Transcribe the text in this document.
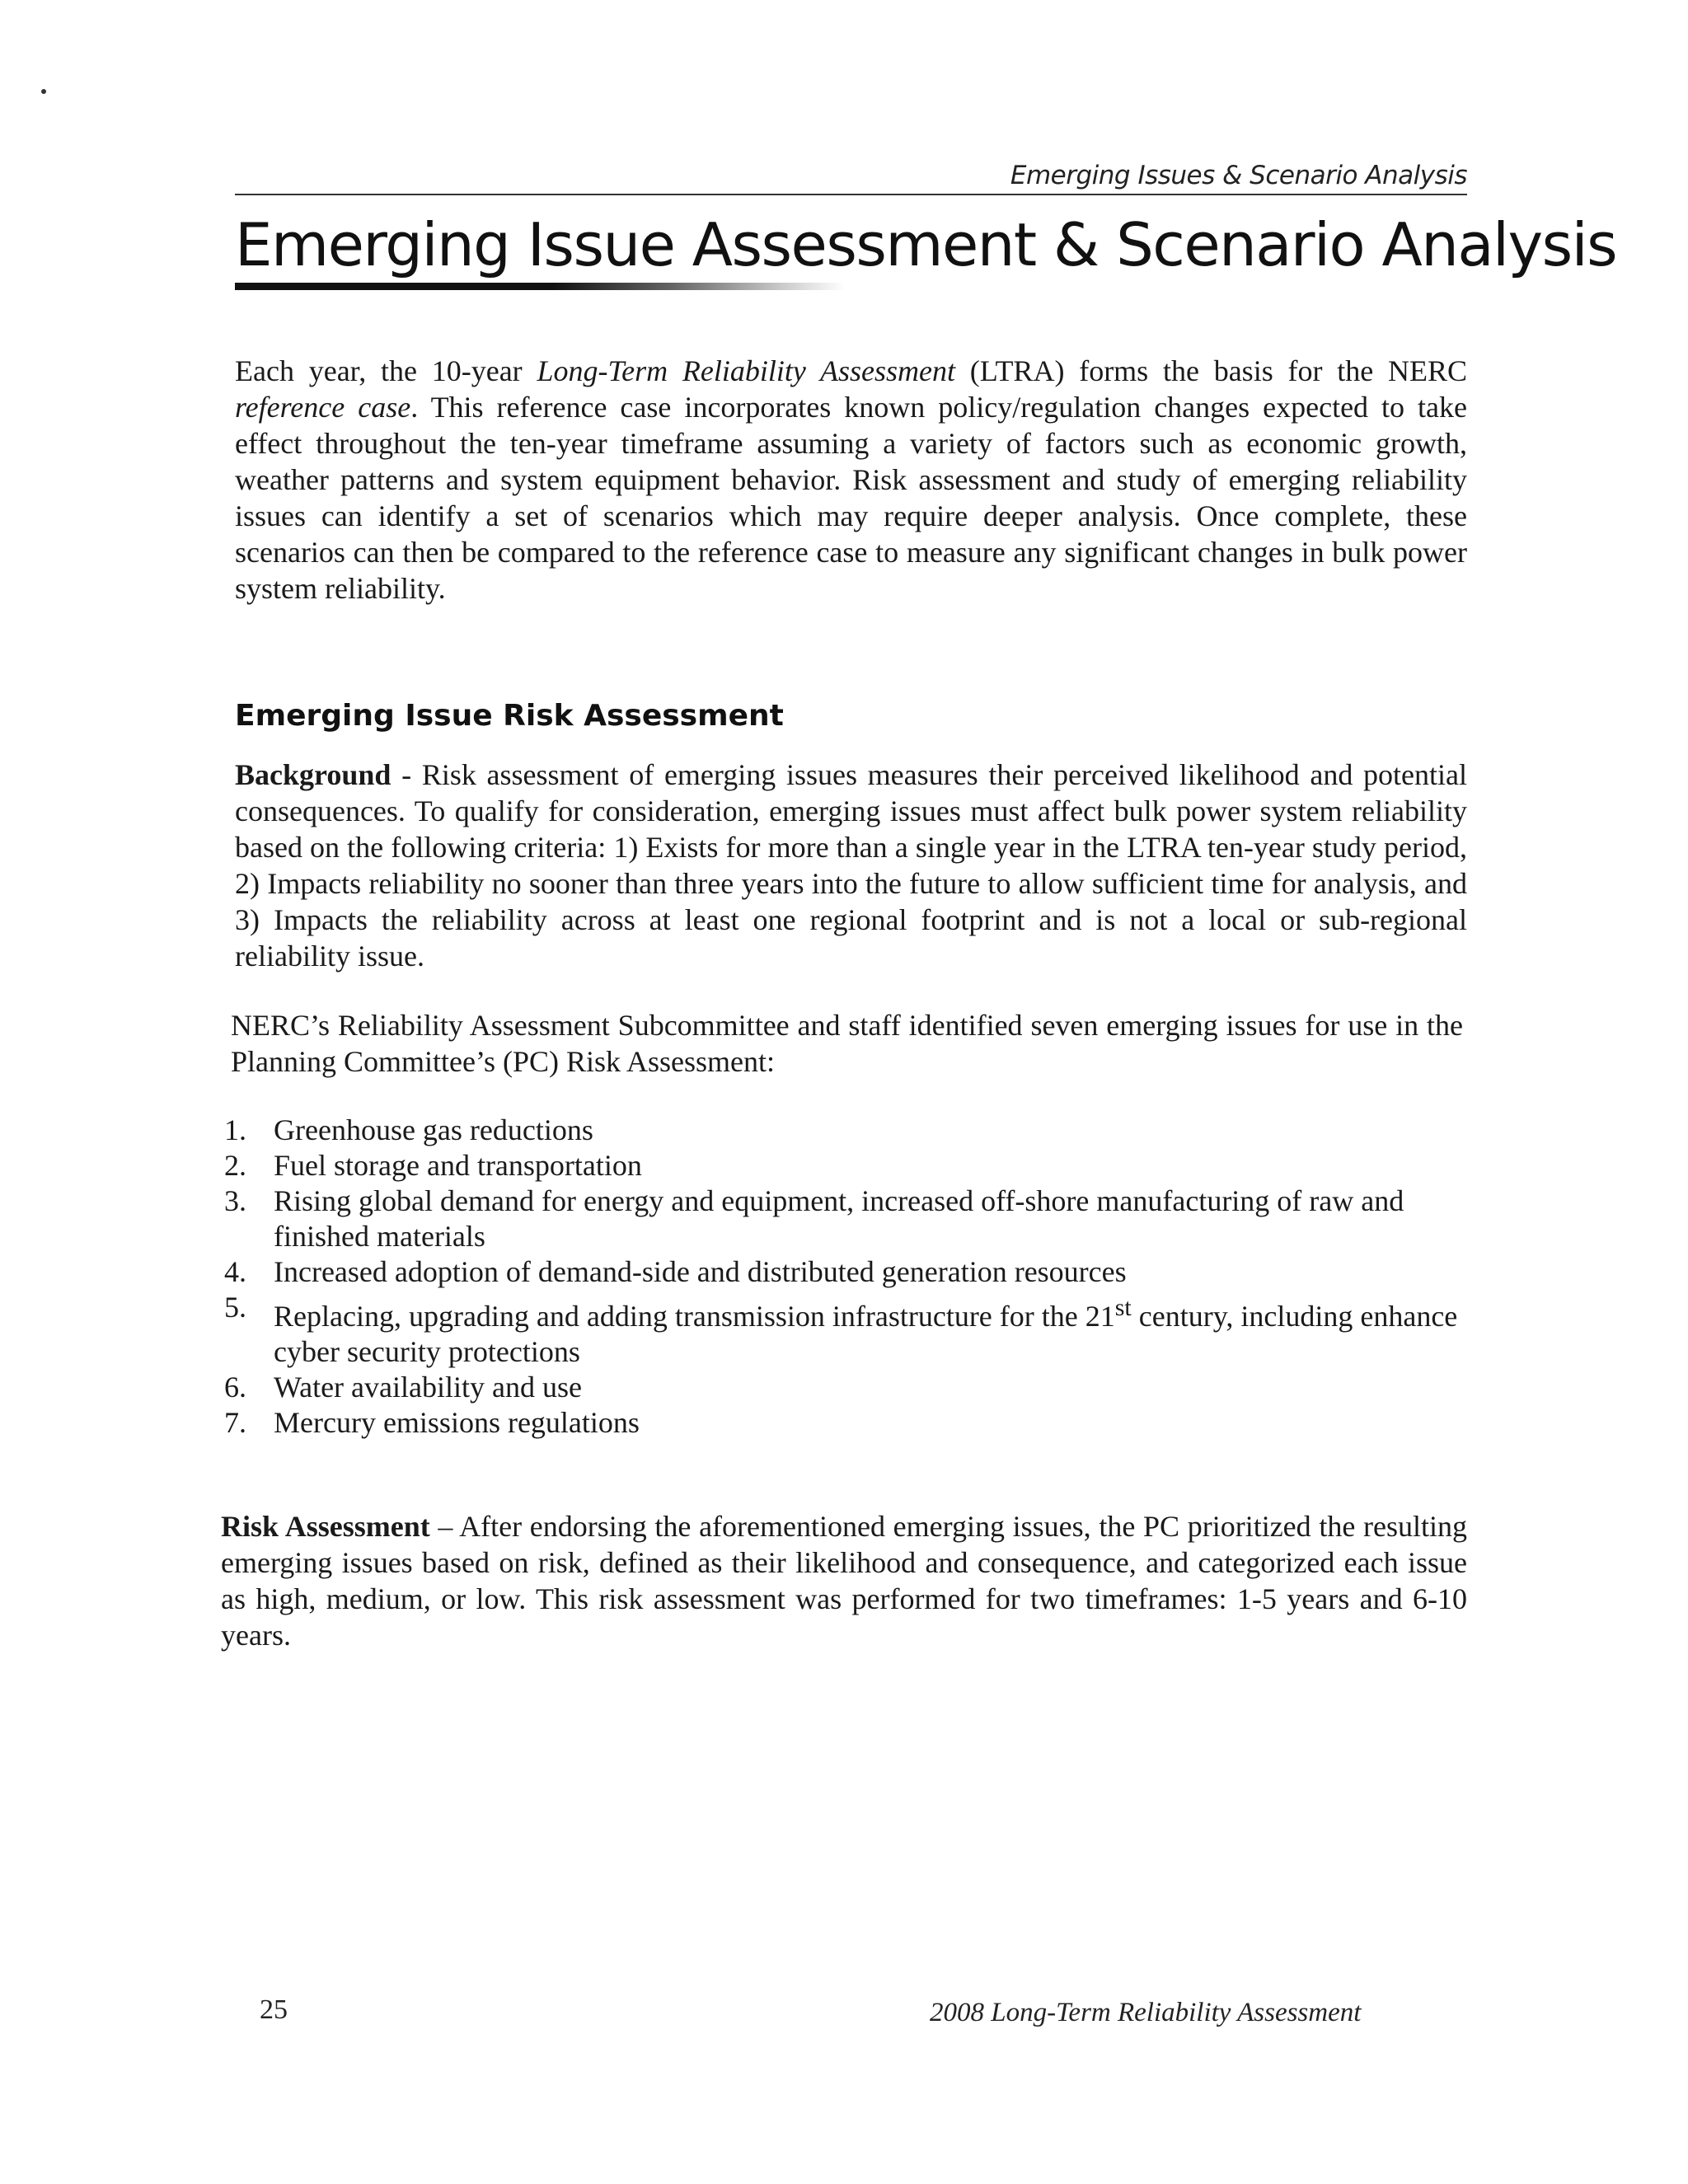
Emerging Issues & Scenario Analysis
Emerging Issue Assessment & Scenario Analysis

Each year, the 10-year Long-Term Reliability Assessment (LTRA) forms the basis for the NERC reference case. This reference case incorporates known policy/regulation changes expected to take effect throughout the ten-year timeframe assuming a variety of factors such as economic growth, weather patterns and system equipment behavior. Risk assessment and study of emerging reliability issues can identify a set of scenarios which may require deeper analysis. Once complete, these scenarios can then be compared to the reference case to measure any significant changes in bulk power system reliability.

Emerging Issue Risk Assessment

Background - Risk assessment of emerging issues measures their perceived likelihood and potential consequences. To qualify for consideration, emerging issues must affect bulk power system reliability based on the following criteria: 1) Exists for more than a single year in the LTRA ten-year study period, 2) Impacts reliability no sooner than three years into the future to allow sufficient time for analysis, and 3) Impacts the reliability across at least one regional footprint and is not a local or sub-regional reliability issue.

NERC’s Reliability Assessment Subcommittee and staff identified seven emerging issues for use in the Planning Committee’s (PC) Risk Assessment:

1. Greenhouse gas reductions
2. Fuel storage and transportation
3. Rising global demand for energy and equipment, increased off-shore manufacturing of raw and finished materials
4. Increased adoption of demand-side and distributed generation resources
5. Replacing, upgrading and adding transmission infrastructure for the 21st century, including enhance cyber security protections
6. Water availability and use
7. Mercury emissions regulations

Risk Assessment – After endorsing the aforementioned emerging issues, the PC prioritized the resulting emerging issues based on risk, defined as their likelihood and consequence, and categorized each issue as high, medium, or low. This risk assessment was performed for two timeframes: 1-5 years and 6-10 years.

25	2008 Long-Term Reliability Assessment
